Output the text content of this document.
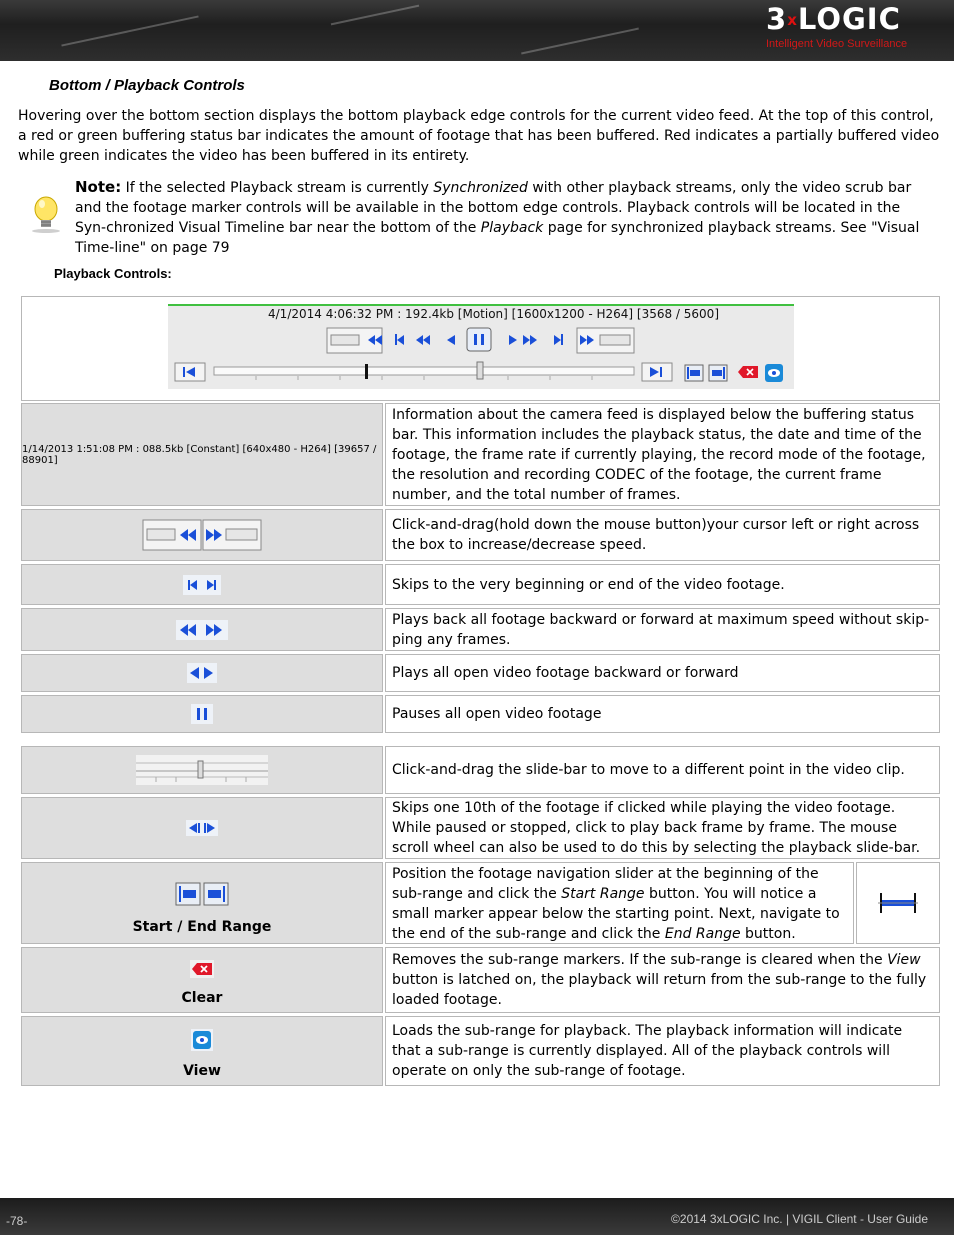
3xLOGIC
Intelligent Video Surveillance
Bottom / Playback Controls
Hovering over the bottom section displays the bottom playback edge controls for the current video feed. At the top of this control, a red or green buffering status bar indicates the amount of footage that has been buffered. Red indicates a partially buffered video while green indicates the video has been buffered in its entirety.
Note: If the selected Playback stream is currently Synchronized with other playback streams, only the video scrub bar and the footage marker controls will be available in the bottom edge controls. Playback controls will be located in the Syn-chronized Visual Timeline bar near the bottom of the Playback page for synchronized playback streams. See "Visual Time-line" on page 79
Playback Controls:
4/1/2014 4:06:32 PM : 192.4kb [Motion] [1600x1200 - H264] [3568 / 5600]
1/14/2013 1:51:08 PM : 088.5kb [Constant] [640x480 - H264] [39657 / 88901]
Information about the camera feed is displayed below the buffering status bar. This information includes the playback status, the date and time of the footage, the frame rate if currently playing, the record mode of the footage, the resolution and recording CODEC of the footage, the current frame number, and the total number of frames.
Click-and-drag(hold down the mouse button)your cursor left or right across the box to increase/decrease speed.
Skips to the very beginning or end of the video footage.
Plays back all footage backward or forward at maximum speed without skip-ping any frames.
Plays all open video footage backward or forward
Pauses all open video footage
Click-and-drag the slide-bar to move to a different point in the video clip.
Skips one 10th of the footage if clicked while playing the video footage. While paused or stopped, click to play back frame by frame. The mouse scroll wheel can also be used to do this by selecting the playback slide-bar.
Start / End Range
Position the footage navigation slider at the beginning of the sub-range and click the Start Range button. You will notice a small marker appear below the starting point. Next, navigate to the end of the sub-range and click the End Range button.
Clear
Removes the sub-range markers. If the sub-range is cleared when the View button is latched on, the playback will return from the sub-range to the fully loaded footage.
View
Loads the sub-range for playback. The playback information will indicate that a sub-range is currently displayed. All of the playback controls will operate on only the sub-range of footage.
-78-	©2014 3xLOGIC Inc. | VIGIL Client - User Guide
